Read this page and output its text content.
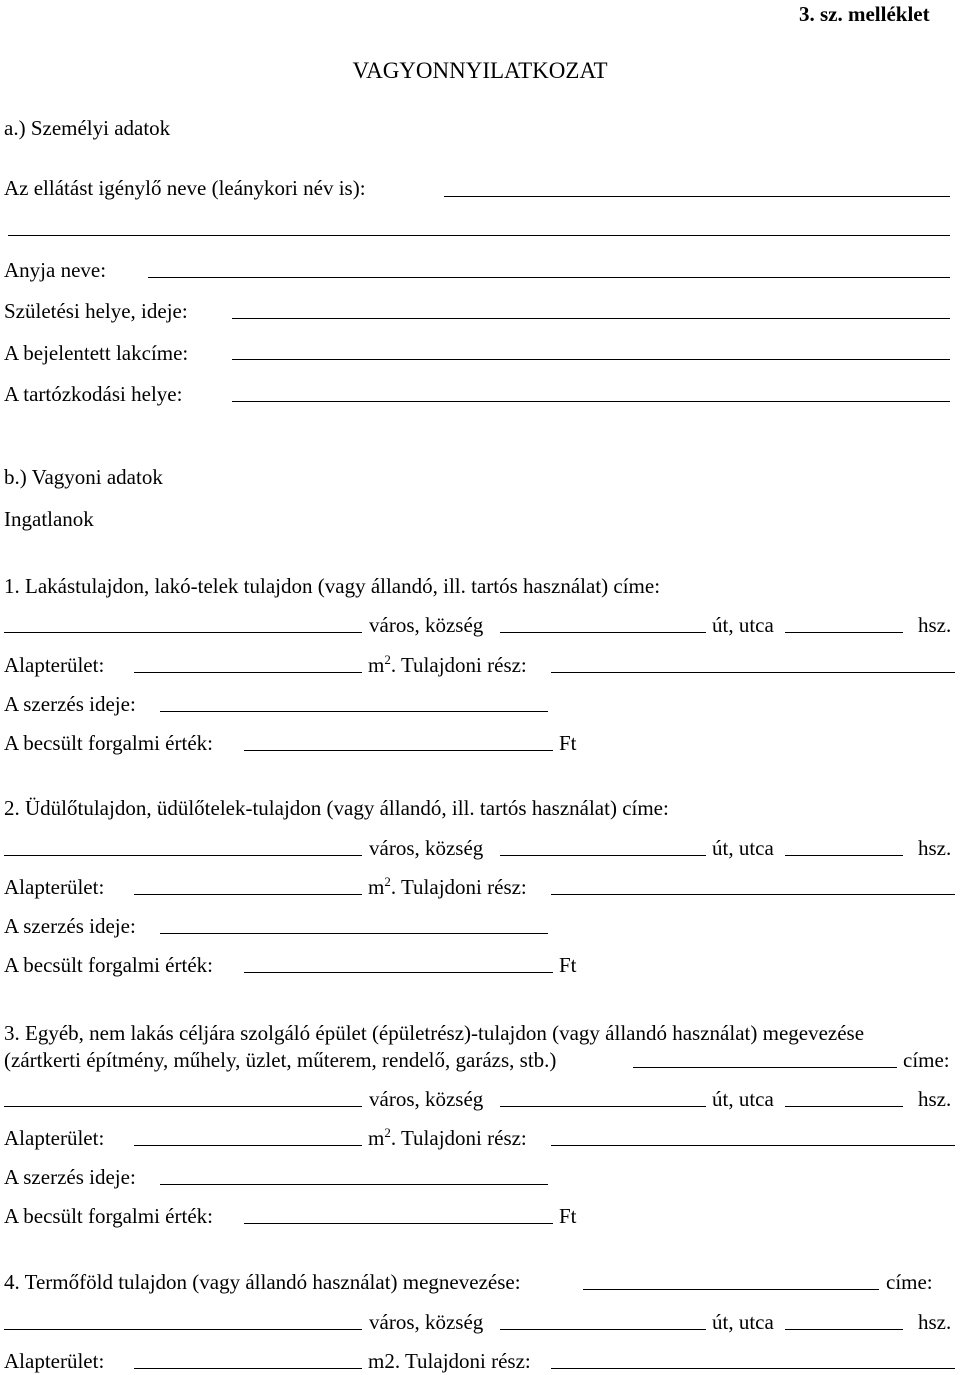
3. sz. melléklet
VAGYONNYILATKOZAT
a.) Személyi adatok
Az ellátást igénylő neve (leánykori név is):
Anyja neve:
Születési helye, ideje:
A bejelentett lakcíme:
A tartózkodási helye:
b.) Vagyoni adatok
Ingatlanok
1. Lakástulajdon, lakó-telek tulajdon (vagy állandó, ill. tartós használat) címe:
város, község	út, utca	hsz.
Alapterület:	$m^2$. Tulajdoni rész:
A szerzés ideje:
A becsült forgalmi érték:	Ft
2. Üdülőtulajdon, üdülőtelek-tulajdon (vagy állandó, ill. tartós használat) címe:
város, község	út, utca	hsz.
Alapterület:	$m^2$. Tulajdoni rész:
A szerzés ideje:
A becsült forgalmi érték:	Ft
3. Egyéb, nem lakás céljára szolgáló épület (épületrész)-tulajdon (vagy állandó használat) megevezése
(zártkerti építmény, műhely, üzlet, műterem, rendelő, garázs, stb.)	címe:
város, község	út, utca	hsz.
Alapterület:	$m^2$. Tulajdoni rész:
A szerzés ideje:
A becsült forgalmi érték:	Ft
4. Termőföld tulajdon (vagy állandó használat) megnevezése:	címe:
város, község	út, utca	hsz.
Alapterület:	m2. Tulajdoni rész:
